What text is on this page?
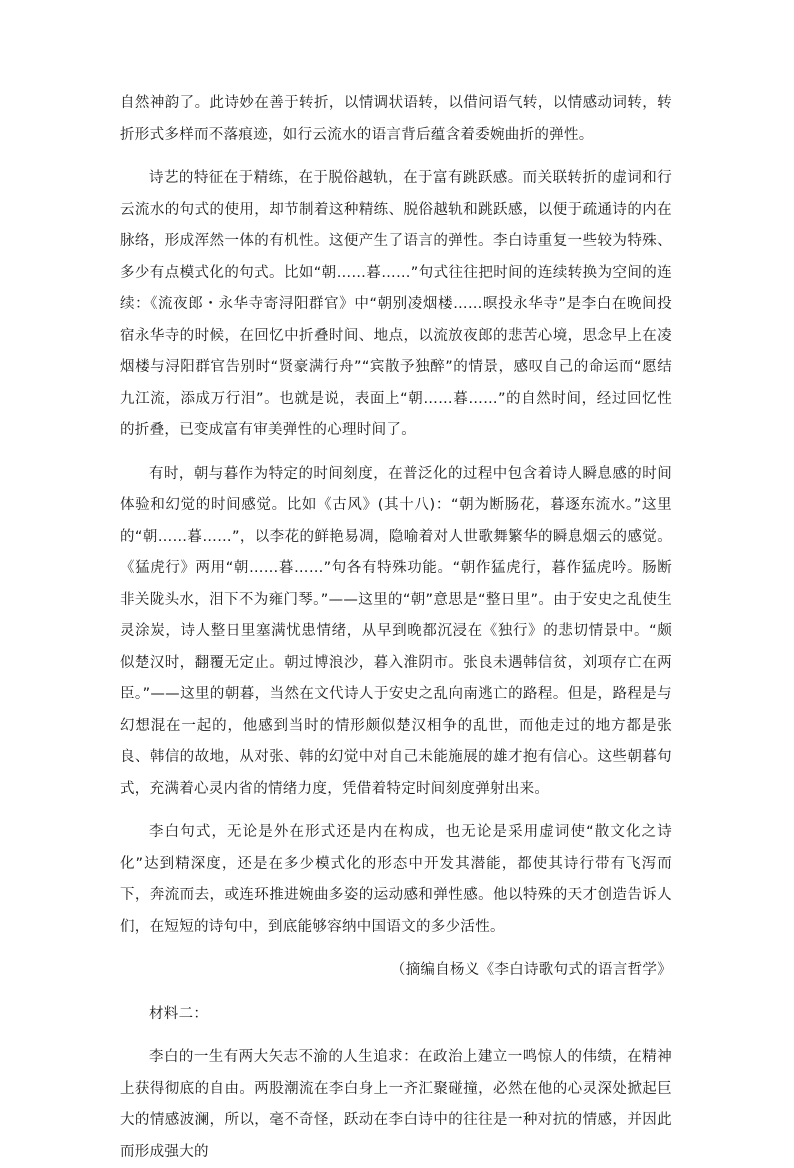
自然神韵了。此诗妙在善于转折，以情调状语转，以借问语气转，以情感动词转，转折形式多样而不落痕迹，如行云流水的语言背后蕴含着委婉曲折的弹性。

诗艺的特征在于精练，在于脱俗越轨，在于富有跳跃感。而关联转折的虚词和行云流水的句式的使用，却节制着这种精练、脱俗越轨和跳跃感，以便于疏通诗的内在脉络，形成浑然一体的有机性。这便产生了语言的弹性。李白诗重复一些较为特殊、多少有点模式化的句式。比如“朝……暮……”句式往往把时间的连续转换为空间的连续：《流夜郎・永华寺寄浔阳群官》中“朝别凌烟楼……暝投永华寺”是李白在晚间投宿永华寺的时候，在回忆中折叠时间、地点，以流放夜郎的悲苦心境，思念早上在凌烟楼与浔阳群官告别时“贤豪满行舟”“宾散予独醉”的情景，感叹自己的命运而“愿结九江流，添成万行泪”。也就是说，表面上“朝……暮……”的自然时间，经过回忆性的折叠，已变成富有审美弹性的心理时间了。

有时，朝与暮作为特定的时间刻度，在普泛化的过程中包含着诗人瞬息感的时间体验和幻觉的时间感觉。比如《古风》(其十八)：“朝为断肠花，暮逐东流水。”这里的“朝……暮……”，以李花的鲜艳易凋，隐喻着对人世歌舞繁华的瞬息烟云的感觉。《猛虎行》两用“朝……暮……”句各有特殊功能。“朝作猛虎行，暮作猛虎吟。肠断非关陇头水，泪下不为雍门琴。”——这里的“朝”意思是“整日里”。由于安史之乱使生灵涂炭，诗人整日里塞满忧患情绪，从早到晚都沉浸在《独行》的悲切情景中。“颇似楚汉时，翻覆无定止。朝过博浪沙，暮入淮阴市。张良未遇韩信贫，刘项存亡在两臣。”——这里的朝暮，当然在文代诗人于安史之乱向南逃亡的路程。但是，路程是与幻想混在一起的，他感到当时的情形颇似楚汉相争的乱世，而他走过的地方都是张良、韩信的故地，从对张、韩的幻觉中对自己未能施展的雄才抱有信心。这些朝暮句式，充满着心灵内省的情绪力度，凭借着特定时间刻度弹射出来。

李白句式，无论是外在形式还是内在构成，也无论是采用虚词使“散文化之诗化”达到精深度，还是在多少模式化的形态中开发其潜能，都使其诗行带有飞泻而下，奔流而去，或连环推进婉曲多姿的运动感和弹性感。他以特殊的天才创造告诉人们，在短短的诗句中，到底能够容纳中国语文的多少活性。

（摘编自杨义《李白诗歌句式的语言哲学》

材料二：

李白的一生有两大矢志不渝的人生追求：在政治上建立一鸣惊人的伟绩，在精神上获得彻底的自由。两股潮流在李白身上一齐汇聚碰撞，必然在他的心灵深处掀起巨大的情感波澜，所以，毫不奇怪，跃动在李白诗中的往往是一种对抗的情感，并因此而形成强大的
